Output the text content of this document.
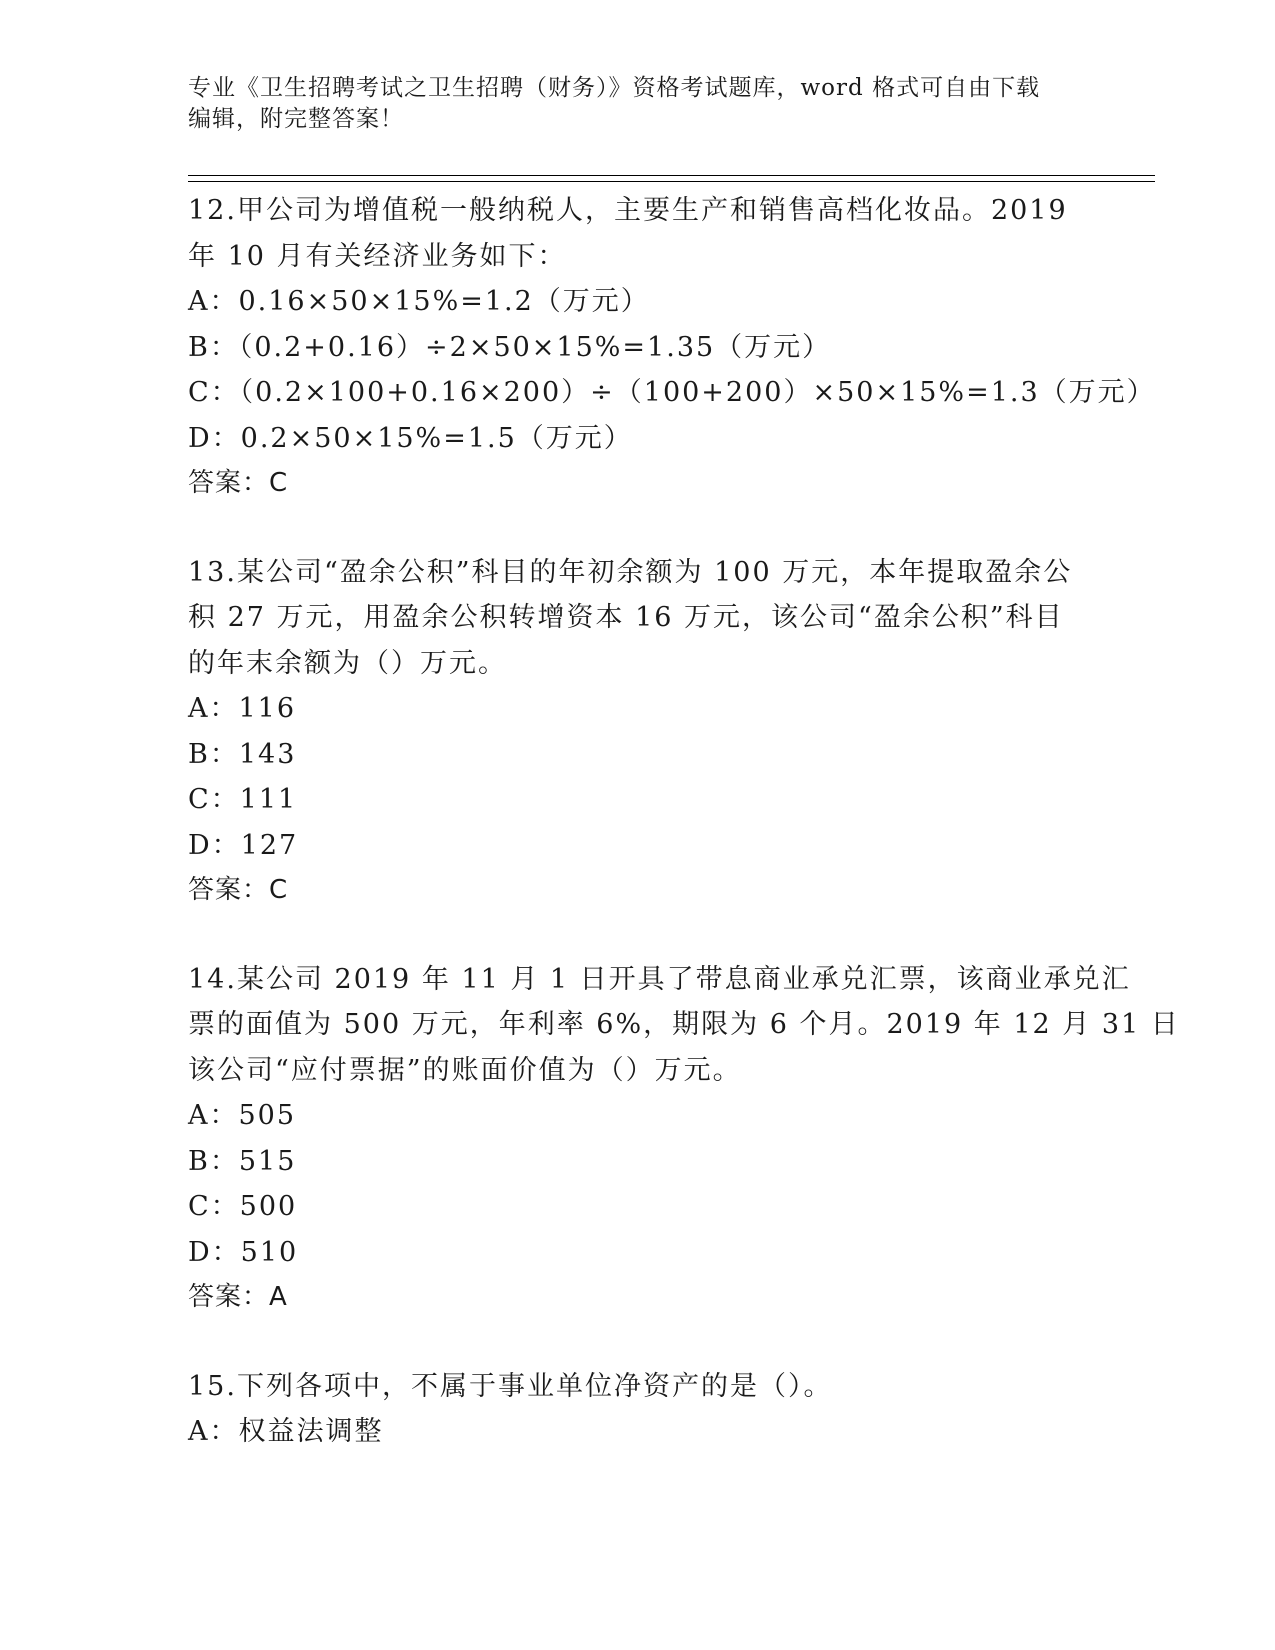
专业《卫生招聘考试之卫生招聘（财务）》资格考试题库，word 格式可自由下载
编辑，附完整答案！
12.甲公司为增值税一般纳税人，主要生产和销售高档化妆品。2019
年 10 月有关经济业务如下：
A：0.16×50×15%=1.2（万元）
B：（0.2+0.16）÷2×50×15%=1.35（万元）
C：（0.2×100+0.16×200）÷（100+200）×50×15%=1.3（万元）
D：0.2×50×15%=1.5（万元）
答案：C
13.某公司“盈余公积”科目的年初余额为 100 万元，本年提取盈余公
积 27 万元，用盈余公积转增资本 16 万元，该公司“盈余公积”科目
的年末余额为（）万元。
A：116
B：143
C：111
D：127
答案：C
14.某公司 2019 年 11 月 1 日开具了带息商业承兑汇票，该商业承兑汇
票的面值为 500 万元，年利率 6%，期限为 6 个月。2019 年 12 月 31 日
该公司“应付票据”的账面价值为（）万元。
A：505
B：515
C：500
D：510
答案：A
15.下列各项中，不属于事业单位净资产的是（）。
A：权益法调整
